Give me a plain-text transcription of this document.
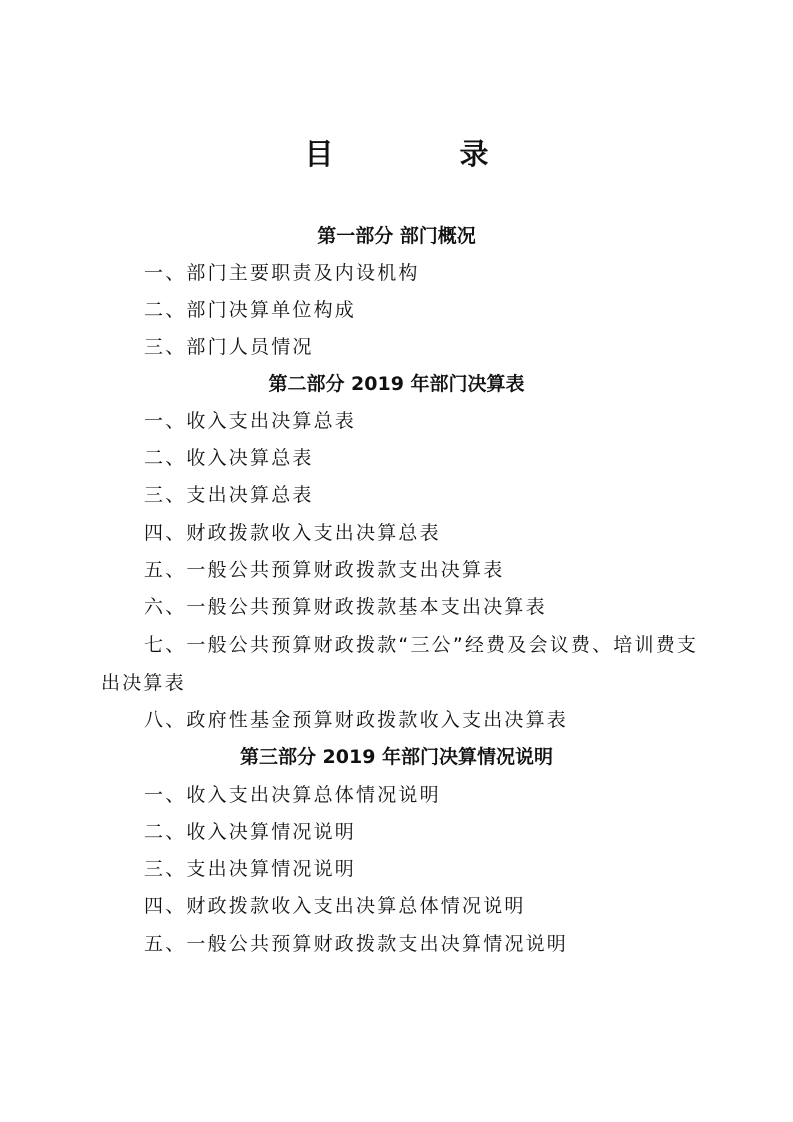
目 录
第一部分 部门概况
一、部门主要职责及内设机构
二、部门决算单位构成
三、部门人员情况
第二部分 2019 年部门决算表
一、收入支出决算总表
二、收入决算总表
三、支出决算总表
四、财政拨款收入支出决算总表
五、一般公共预算财政拨款支出决算表
六、一般公共预算财政拨款基本支出决算表
七、一般公共预算财政拨款“三公”经费及会议费、培训费支出决算表
八、政府性基金预算财政拨款收入支出决算表
第三部分 2019 年部门决算情况说明
一、收入支出决算总体情况说明
二、收入决算情况说明
三、支出决算情况说明
四、财政拨款收入支出决算总体情况说明
五、一般公共预算财政拨款支出决算情况说明
